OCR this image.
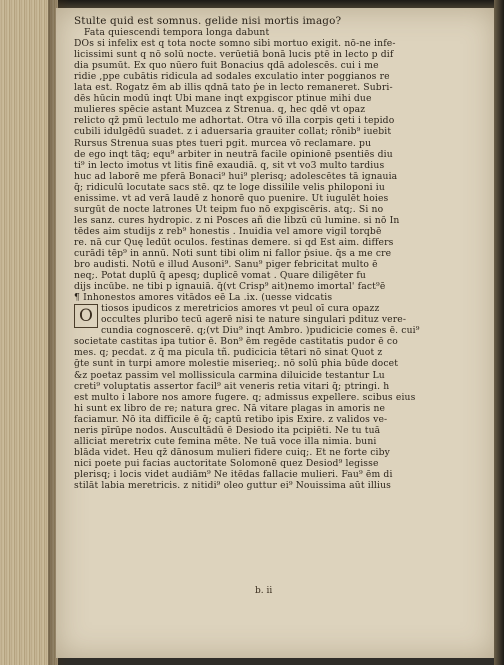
Stulte quid est somnus. gelide nisi mortis imago?
Fata quiescendi tempora longa dabunt
DOs si infelix est q tota nocte somno sibi mortuo exigit. nō-ne infe-
licissimi sunt q nō solū nocte. verūetiā bonā lucis ptē in lecto p dif
dia psumūt. Ex quo nūero fuit Bonacius qdā adolescēs. cui i me
ridie ,ppe cubātis ridicula ad sodales exculatio inter poggianos re
lata est. Rogatz ēm ab illis qdnā tato ṗe in lecto remaneret. Subri-
dēs hūcin modū inqt Ubi mane inqt expgiscor ptinue mihi due
mulieres spēcie astant Muzcea z Strenua. q, hec qdē vt opaz
relicto qz̄ pmū lectulo me adhortat. Otra vō illa corpis qeti i tepido
cubili idulgēdū suadet. z i aduersaria grauiter collat; rōnib⁹ iuebit
Rursus Strenua suas ptes tueri pgit. murcea vō reclamare. pu
de ego inqt tāq; equ⁹ arbiter in neutrā facile opinionē psentiēs diu
ti⁹ in lecto imotus vt litis finē exaudiā. q, sit vt vo3 multo tardius
huc ad laborē me pferā Bonaci⁹ hui⁹ plerisq; adolescētes tā ignauia
q̄; ridiculū locutate sacs stē. qz te loge dissilile velis philoponi iu
enissime. vt ad verā laudē z honorē quo puenire. Ut iugulēt hoies
surgūt de nocte latrones Ut teipm fuo nō expgiscēris. atq;. Si no
les sanz. cures hydropic. z ni Posces añ die libzū cū lumine. si nō In
tēdes aim studijs z reb⁹ honestis . Inuidia vel amore vigil torqbē
re. nā cur Quę ledūt oculos. festinas demere. si qd Est aim. differs
curādi tēp⁹ in annū. Noti sunt tibi olim ni fallor ṗsiue. q̄s a me cre
bro audisti. Notū e illud Ausoni⁹. Sanu⁹ piger febricitat multo ē
neq;. Potat duplū q̄ apesq; duplicē vomat . Quare diligēter fu
dijs incūbe. ne tibi p ignauiā. q̄(vt Crisp⁹ ait)nemo imortal' fact⁹ē
¶ Inhonestos amores vitādos eē La .ix. (uesse vidcatis
O tiosos ipudicos z meretricios amores vt peul oī cura opazz
occultes pluribo tecū agerē nisi te nature singulari pdituz vere-
cundia cognoscerē. q;(vt Diu⁹ inqt Ambro. )pudicicie comes ē. cui⁹
societate castitas ipa tutior ē. Bon⁹ ēm regēde castitatis pudor ē co
mes. q; pecdat. z q̄ ma picula tñ. pudicicia tētari nō sinat Quot z
ḡte sunt in turpi amore molestie miserieq;. nō solū phia būde docet
&z poetaz passim vel mollissicula carmina diluicide testantur Lu
creti⁹ voluptatis assertor facil⁹ ait veneris retia vitari q̄; ptringi. h
est multo i labore nos amore fugere. q; admissus expellere. scibus eius
hi sunt ex libro de re; natura grec. Nā vitare plagas in amoris ne
faciamur. Nō ita difficile ē q̄; captū retibo ipis Exire. z validos ve-
neris pīrūpe nodos. Auscultādū ē Desiodo ita pcipiēti. Ne tu tuā
alliciat meretrix cute femina mēte. Ne tuā voce illa nimia. buni
blāda videt. Heu qz̄ dānosum mulieri fidere cuiq;. Et ne forte ciby
nici poete pui facias auctoritate Solomonē quez Desiod⁹ legisse
plerisq; i locis videt audiām⁹ Ne itēdas fallacie mulieri. Fau⁹ ēm di
stilāt labia meretricis. z nitidi⁹ oleo guttur ei⁹ Nouissima aūt illius
b. ii
